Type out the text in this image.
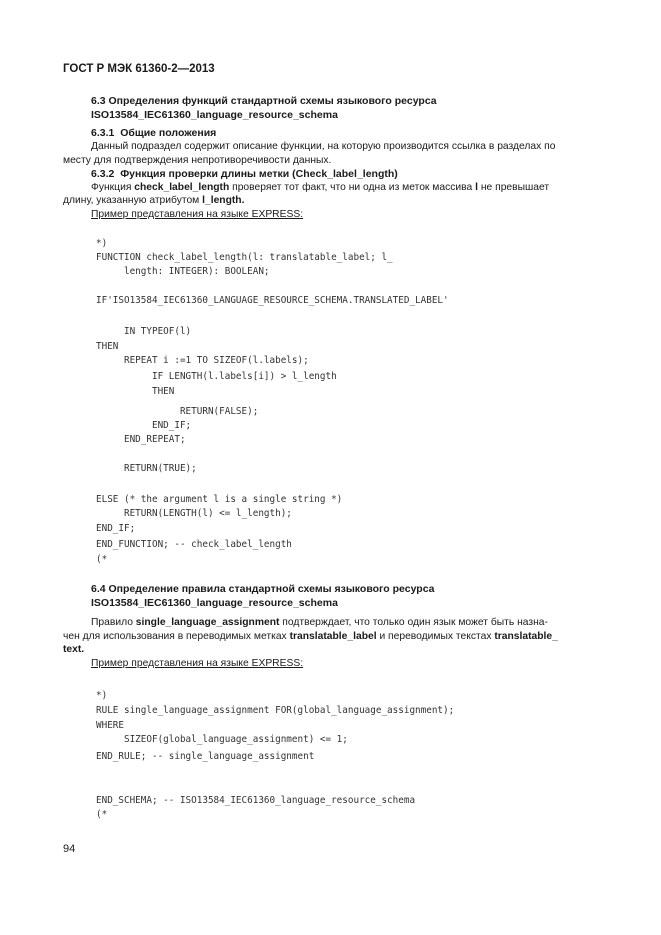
ГОСТ Р МЭК 61360-2—2013
6.3 Определения функций стандартной схемы языкового ресурса
ISO13584_IEC61360_language_resource_schema
6.3.1  Общие положения
Данный подраздел содержит описание функции, на которую производится ссылка в разделах по
месту для подтверждения непротиворечивости данных.
6.3.2  Функция проверки длины метки (Check_label_length)
Функция check_label_length проверяет тот факт, что ни одна из меток массива l не превышает
длину, указанную атрибутом l_length.
Пример представления на языке EXPRESS:
*)
FUNCTION check_label_length(l: translatable_label; l_
length: INTEGER): BOOLEAN;
IF'ISO13584_IEC61360_LANGUAGE_RESOURCE_SCHEMA.TRANSLATED_LABEL'
IN TYPEOF(l)
THEN
REPEAT i :=1 TO SIZEOF(l.labels);
IF LENGTH(l.labels[i]) > l_length
THEN
RETURN(FALSE);
END_IF;
END_REPEAT;
RETURN(TRUE);
ELSE (* the argument l is a single string *)
RETURN(LENGTH(l) <= l_length);
END_IF;
END_FUNCTION; -- check_label_length
(*
6.4 Определение правила стандартной схемы языкового ресурса
ISO13584_IEC61360_language_resource_schema
Правило single_language_assignment подтверждает, что только один язык может быть назна-
чен для использования в переводимых метках translatable_label и переводимых текстах translatable_
text.
Пример представления на языке EXPRESS:
*)
RULE single_language_assignment FOR(global_language_assignment);
WHERE
SIZEOF(global_language_assignment) <= 1;
END_RULE; -- single_language_assignment
END_SCHEMA; -- ISO13584_IEC61360_language_resource_schema
(*
94
